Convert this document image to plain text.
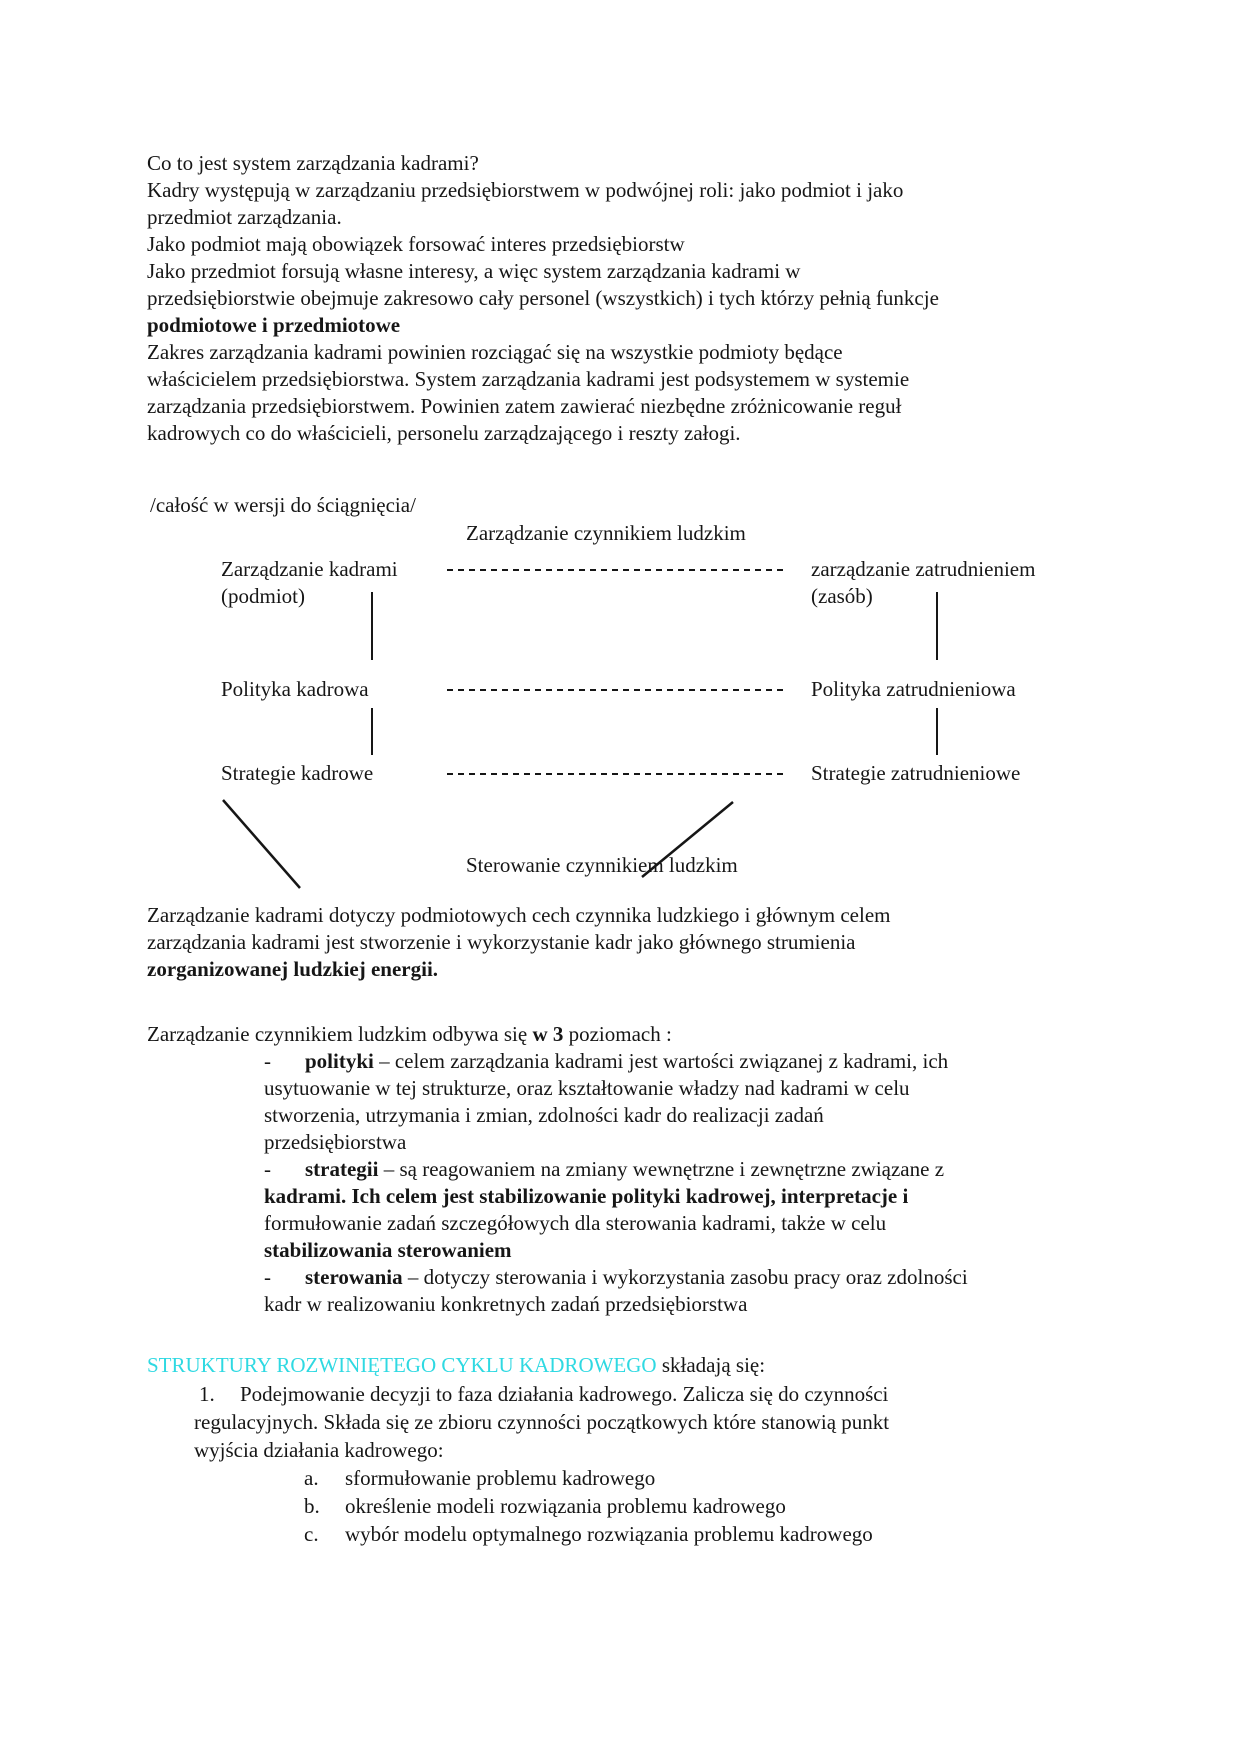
Co to jest system zarządzania kadrami?
Kadry występują w zarządzaniu przedsiębiorstwem w podwójnej roli: jako podmiot i jako
przedmiot zarządzania.
Jako podmiot mają obowiązek forsować interes przedsiębiorstw
Jako przedmiot forsują własne interesy, a więc system zarządzania kadrami w
przedsiębiorstwie obejmuje zakresowo cały personel (wszystkich) i tych którzy pełnią funkcje
podmiotowe i przedmiotowe
Zakres zarządzania kadrami powinien rozciągać się na wszystkie podmioty będące
właścicielem przedsiębiorstwa. System zarządzania kadrami jest podsystemem w systemie
zarządzania przedsiębiorstwem. Powinien zatem zawierać niezbędne zróżnicowanie reguł
kadrowych co do właścicieli, personelu zarządzającego i reszty załogi.
/całość w wersji do ściągnięcia/
Zarządzanie czynnikiem ludzkim
Zarządzanie kadrami	zarządzanie zatrudnieniem
(podmiot)	(zasób)
Polityka kadrowa	Polityka zatrudnieniowa
Strategie kadrowe	Strategie zatrudnieniowe
Sterowanie czynnikiem ludzkim
Zarządzanie kadrami dotyczy podmiotowych cech czynnika ludzkiego i głównym celem
zarządzania kadrami jest stworzenie i wykorzystanie kadr jako głównego strumienia
zorganizowanej ludzkiej energii.
Zarządzanie czynnikiem ludzkim odbywa się w 3 poziomach :
- polityki – celem zarządzania kadrami jest wartości związanej z kadrami, ich
usytuowanie w tej strukturze, oraz kształtowanie władzy nad kadrami w celu
stworzenia, utrzymania i zmian, zdolności kadr do realizacji zadań
przedsiębiorstwa
- strategii – są reagowaniem na zmiany wewnętrzne i zewnętrzne związane z
kadrami. Ich celem jest stabilizowanie polityki kadrowej, interpretacje i
formułowanie zadań szczegółowych dla sterowania kadrami, także w celu
stabilizowania sterowaniem
- sterowania – dotyczy sterowania i wykorzystania zasobu pracy oraz zdolności
kadr w realizowaniu konkretnych zadań przedsiębiorstwa
STRUKTURY ROZWINIĘTEGO CYKLU KADROWEGO składają się:
1. Podejmowanie decyzji to faza działania kadrowego. Zalicza się do czynności
regulacyjnych. Składa się ze zbioru czynności początkowych które stanowią punkt
wyjścia działania kadrowego:
a. sformułowanie problemu kadrowego
b. określenie modeli rozwiązania problemu kadrowego
c. wybór modelu optymalnego rozwiązania problemu kadrowego
